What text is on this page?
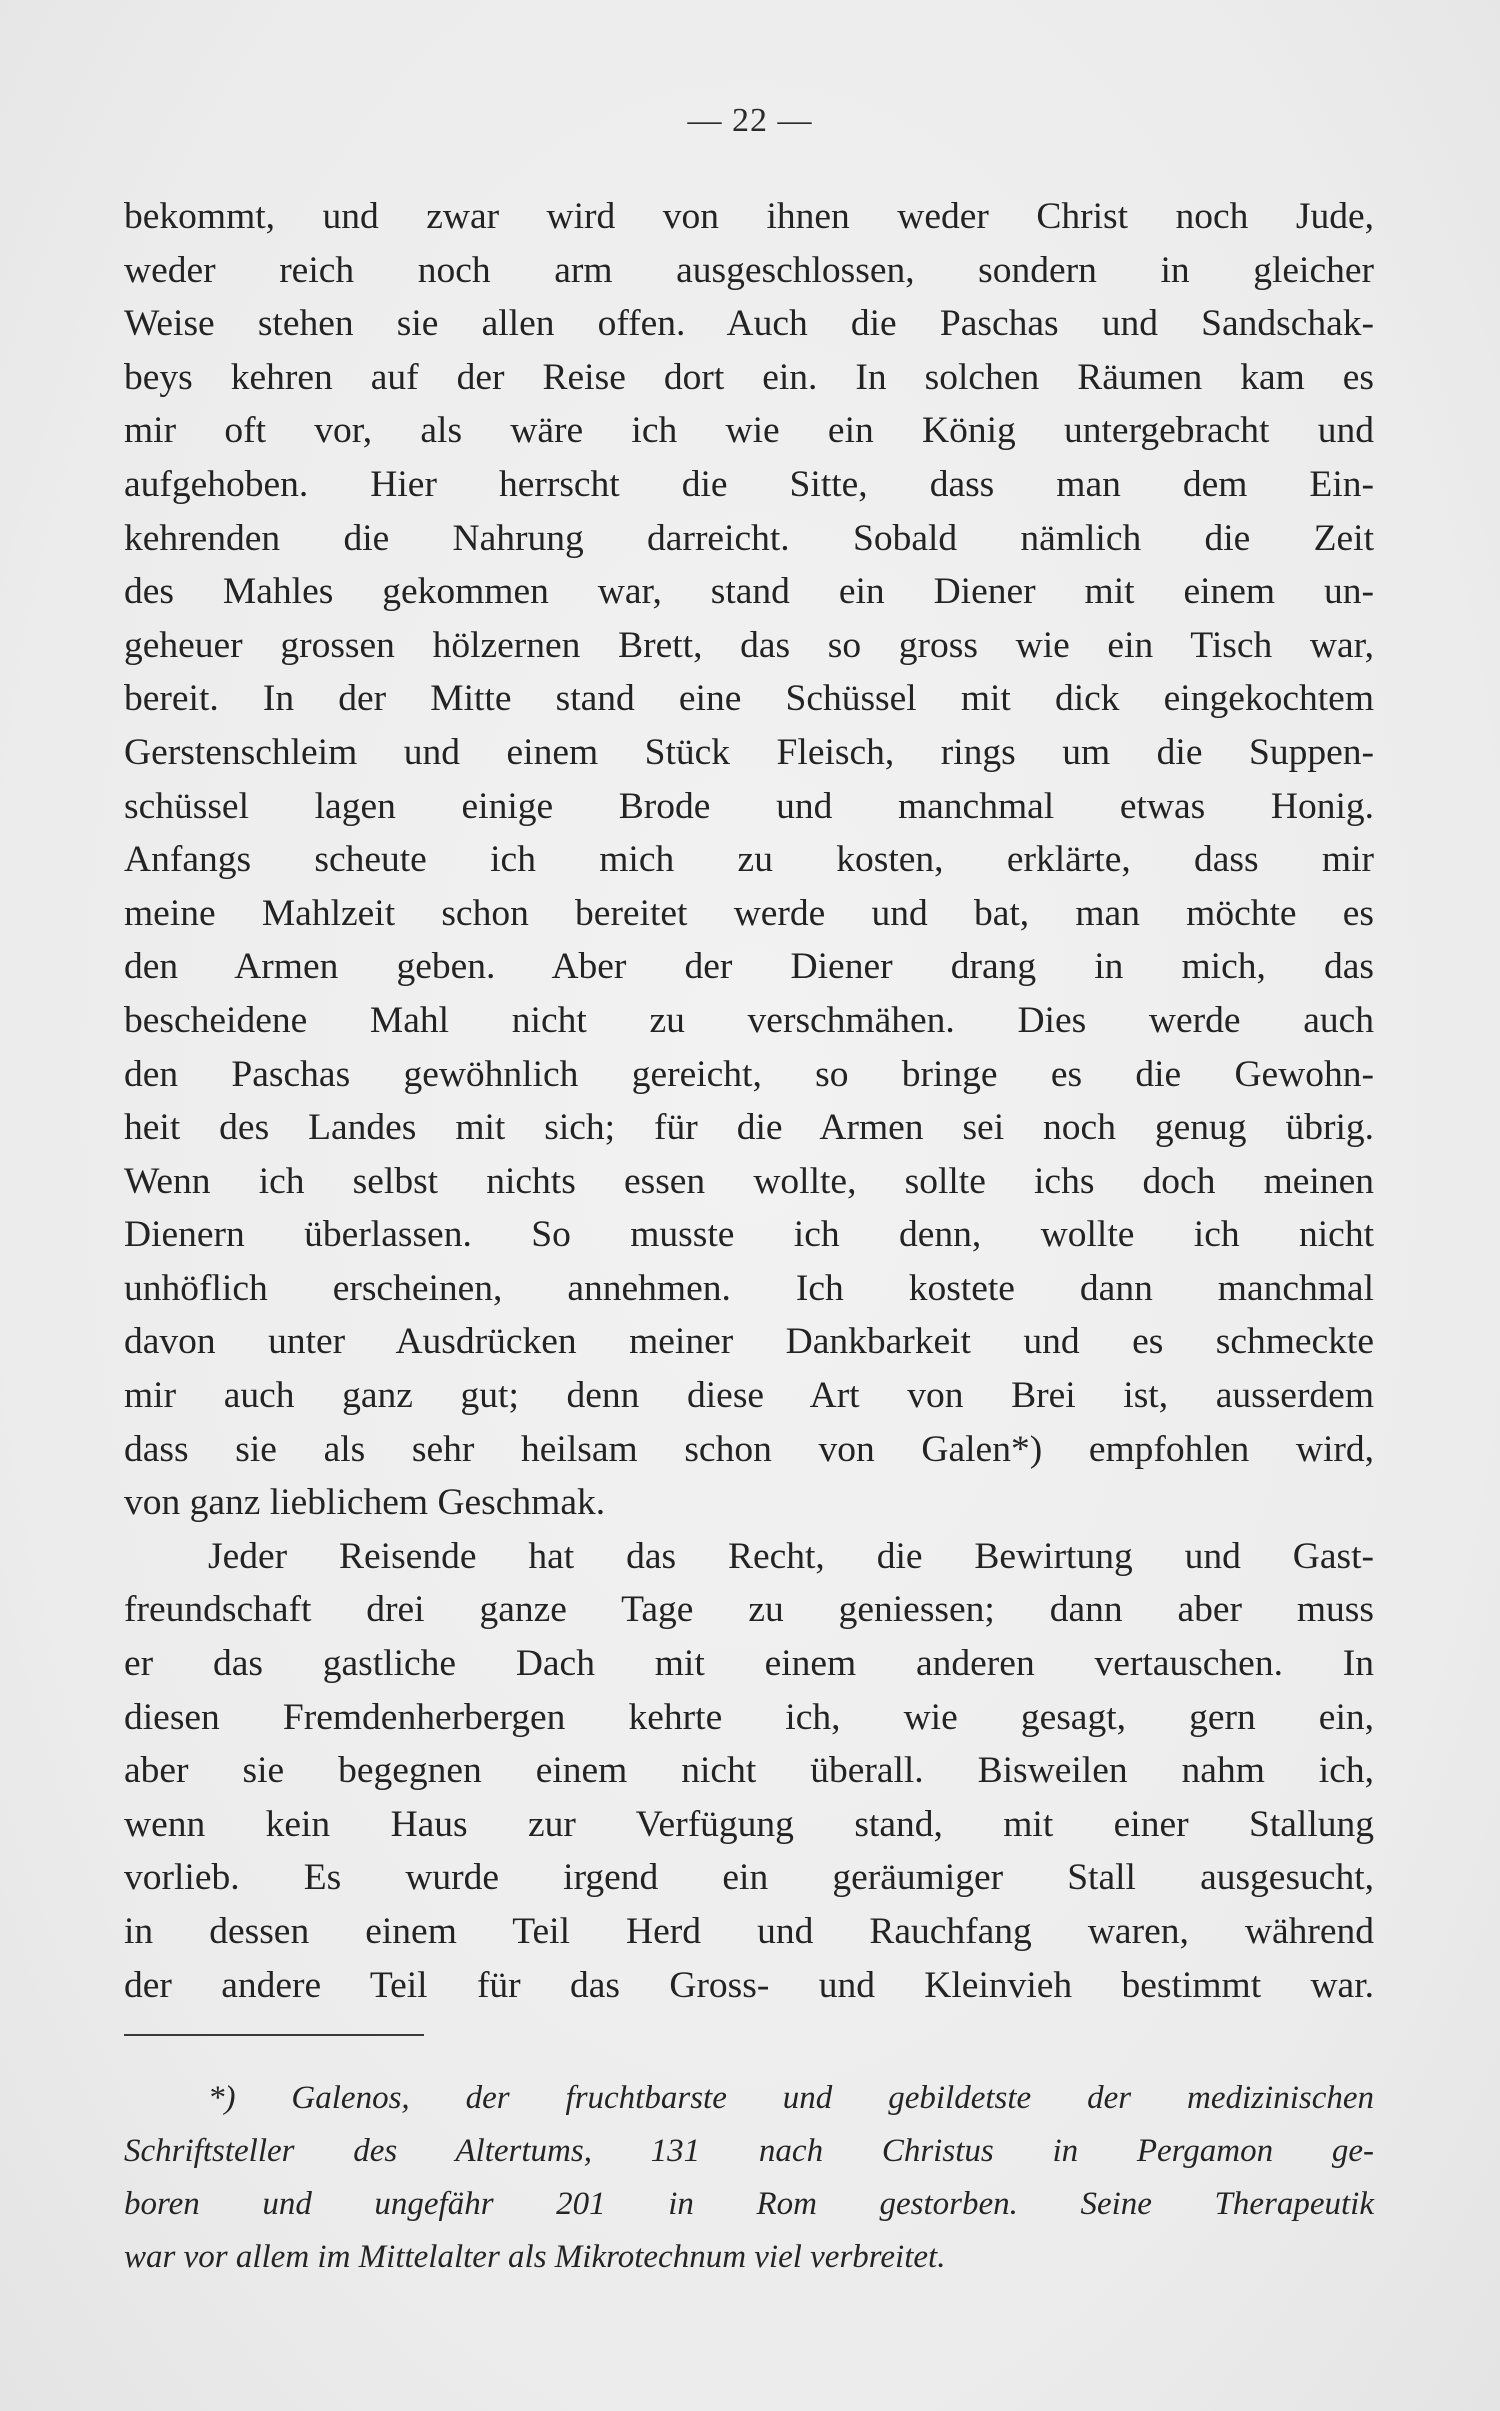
— 22 —

bekommt, und zwar wird von ihnen weder Christ noch Jude,

weder reich noch arm ausgeschlossen, sondern in gleicher

Weise stehen sie allen offen. Auch die Paschas und Sandschak-

beys kehren auf der Reise dort ein. In solchen Räumen kam es

mir oft vor, als wäre ich wie ein König untergebracht und

aufgehoben. Hier herrscht die Sitte, dass man dem Ein-

kehrenden die Nahrung darreicht. Sobald nämlich die Zeit

des Mahles gekommen war, stand ein Diener mit einem un-

geheuer grossen hölzernen Brett, das so gross wie ein Tisch war,

bereit. In der Mitte stand eine Schüssel mit dick eingekochtem

Gerstenschleim und einem Stück Fleisch, rings um die Suppen-

schüssel lagen einige Brode und manchmal etwas Honig.

Anfangs scheute ich mich zu kosten, erklärte, dass mir

meine Mahlzeit schon bereitet werde und bat, man möchte es

den Armen geben. Aber der Diener drang in mich, das

bescheidene Mahl nicht zu verschmähen. Dies werde auch

den Paschas gewöhnlich gereicht, so bringe es die Gewohn-

heit des Landes mit sich; für die Armen sei noch genug übrig.

Wenn ich selbst nichts essen wollte, sollte ichs doch meinen

Dienern überlassen. So musste ich denn, wollte ich nicht

unhöflich erscheinen, annehmen. Ich kostete dann manchmal

davon unter Ausdrücken meiner Dankbarkeit und es schmeckte

mir auch ganz gut; denn diese Art von Brei ist, ausserdem

dass sie als sehr heilsam schon von Galen*) empfohlen wird,

von ganz lieblichem Geschmak.

Jeder Reisende hat das Recht, die Bewirtung und Gast-

freundschaft drei ganze Tage zu geniessen; dann aber muss

er das gastliche Dach mit einem anderen vertauschen. In

diesen Fremdenherbergen kehrte ich, wie gesagt, gern ein,

aber sie begegnen einem nicht überall. Bisweilen nahm ich,

wenn kein Haus zur Verfügung stand, mit einer Stallung

vorlieb. Es wurde irgend ein geräumiger Stall ausgesucht,

in dessen einem Teil Herd und Rauchfang waren, während

der andere Teil für das Gross- und Kleinvieh bestimmt war.

*) Galenos, der fruchtbarste und gebildetste der medizinischen

Schriftsteller des Altertums, 131 nach Christus in Pergamon ge-

boren und ungefähr 201 in Rom gestorben. Seine Therapeutik

war vor allem im Mittelalter als Mikrotechnum viel verbreitet.
